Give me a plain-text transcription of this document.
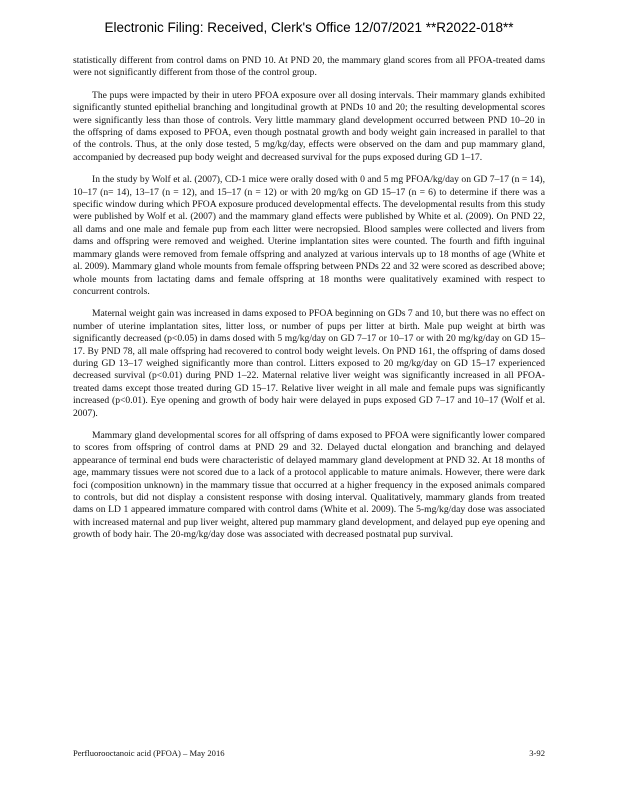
Electronic Filing: Received, Clerk's Office 12/07/2021 **R2022-018**

statistically different from control dams on PND 10. At PND 20, the mammary gland scores from all PFOA-treated dams were not significantly different from those of the control group.

The pups were impacted by their in utero PFOA exposure over all dosing intervals. Their mammary glands exhibited significantly stunted epithelial branching and longitudinal growth at PNDs 10 and 20; the resulting developmental scores were significantly less than those of controls. Very little mammary gland development occurred between PND 10–20 in the offspring of dams exposed to PFOA, even though postnatal growth and body weight gain increased in parallel to that of the controls. Thus, at the only dose tested, 5 mg/kg/day, effects were observed on the dam and pup mammary gland, accompanied by decreased pup body weight and decreased survival for the pups exposed during GD 1–17.

In the study by Wolf et al. (2007), CD-1 mice were orally dosed with 0 and 5 mg PFOA/kg/day on GD 7–17 (n = 14), 10–17 (n= 14), 13–17 (n = 12), and 15–17 (n = 12) or with 20 mg/kg on GD 15–17 (n = 6) to determine if there was a specific window during which PFOA exposure produced developmental effects. The developmental results from this study were published by Wolf et al. (2007) and the mammary gland effects were published by White et al. (2009). On PND 22, all dams and one male and female pup from each litter were necropsied. Blood samples were collected and livers from dams and offspring were removed and weighed. Uterine implantation sites were counted. The fourth and fifth inguinal mammary glands were removed from female offspring and analyzed at various intervals up to 18 months of age (White et al. 2009). Mammary gland whole mounts from female offspring between PNDs 22 and 32 were scored as described above; whole mounts from lactating dams and female offspring at 18 months were qualitatively examined with respect to concurrent controls.

Maternal weight gain was increased in dams exposed to PFOA beginning on GDs 7 and 10, but there was no effect on number of uterine implantation sites, litter loss, or number of pups per litter at birth. Male pup weight at birth was significantly decreased (p<0.05) in dams dosed with 5 mg/kg/day on GD 7–17 or 10–17 or with 20 mg/kg/day on GD 15–17. By PND 78, all male offspring had recovered to control body weight levels. On PND 161, the offspring of dams dosed during GD 13–17 weighed significantly more than control. Litters exposed to 20 mg/kg/day on GD 15–17 experienced decreased survival (p<0.01) during PND 1–22. Maternal relative liver weight was significantly increased in all PFOA-treated dams except those treated during GD 15–17. Relative liver weight in all male and female pups was significantly increased (p<0.01). Eye opening and growth of body hair were delayed in pups exposed GD 7–17 and 10–17 (Wolf et al. 2007).

Mammary gland developmental scores for all offspring of dams exposed to PFOA were significantly lower compared to scores from offspring of control dams at PND 29 and 32. Delayed ductal elongation and branching and delayed appearance of terminal end buds were characteristic of delayed mammary gland development at PND 32. At 18 months of age, mammary tissues were not scored due to a lack of a protocol applicable to mature animals. However, there were dark foci (composition unknown) in the mammary tissue that occurred at a higher frequency in the exposed animals compared to controls, but did not display a consistent response with dosing interval. Qualitatively, mammary glands from treated dams on LD 1 appeared immature compared with control dams (White et al. 2009). The 5-mg/kg/day dose was associated with increased maternal and pup liver weight, altered pup mammary gland development, and delayed pup eye opening and growth of body hair. The 20-mg/kg/day dose was associated with decreased postnatal pup survival.

Perfluorooctanoic acid (PFOA) – May 2016	3-92
